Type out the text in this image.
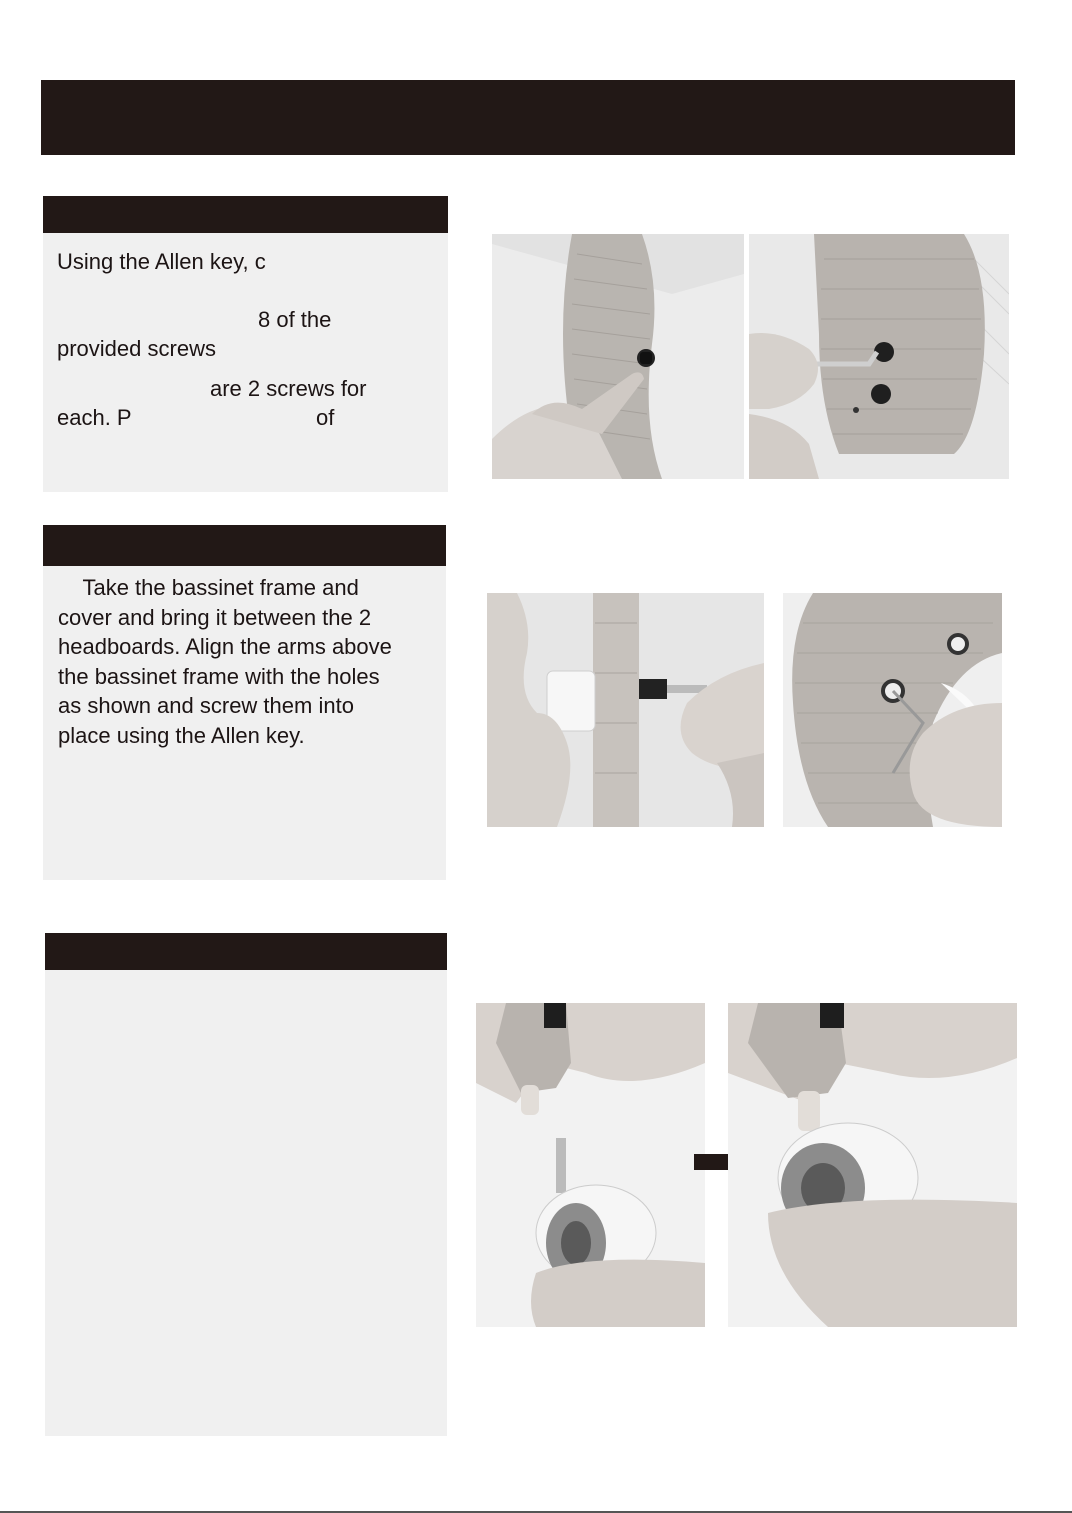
Using the Allen key, c

8 of the

provided screws

are 2 screws for

each. P	of

Take the bassinet frame and
cover and bring it between the 2
headboards. Align the arms above
the bassinet frame with the holes
as shown and screw them into
place using the Allen key.
